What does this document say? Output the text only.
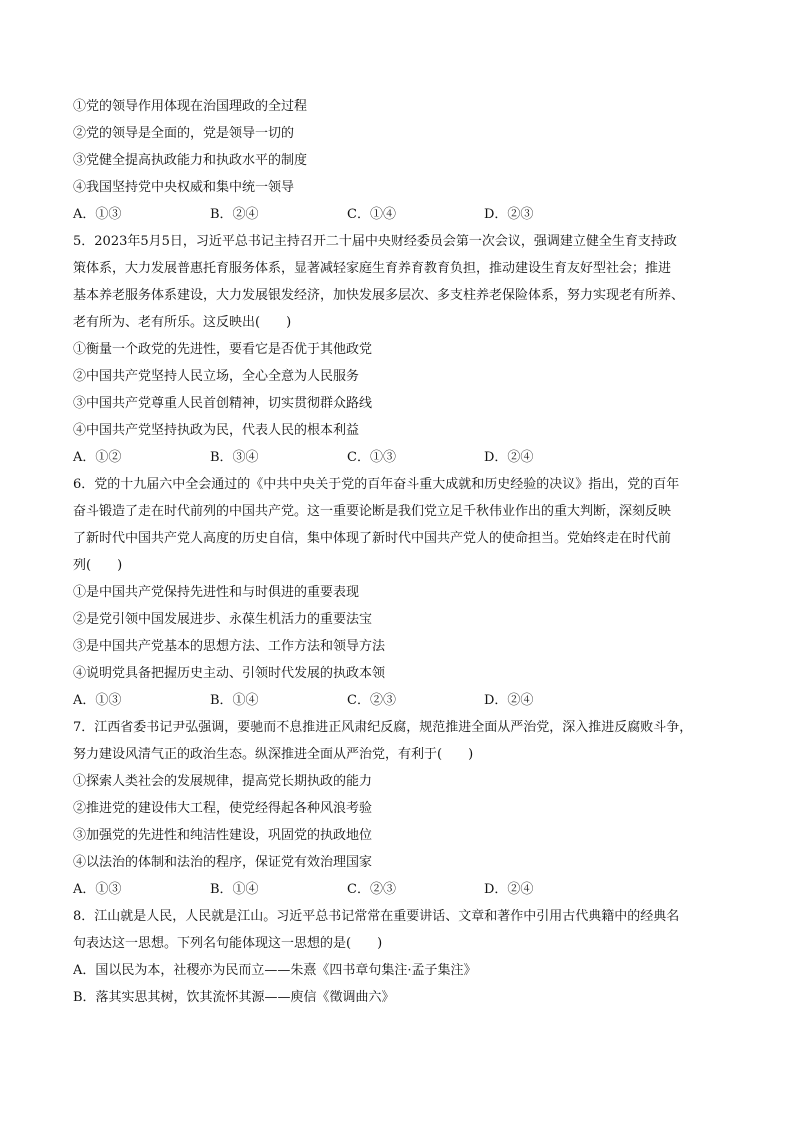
①党的领导作用体现在治国理政的全过程
②党的领导是全面的，党是领导一切的
③党健全提高执政能力和执政水平的制度
④我国坚持党中央权威和集中统一领导
A．①③	B．②④	C．①④	D．②③
5．2023年5月5日，习近平总书记主持召开二十届中央财经委员会第一次会议，强调建立健全生育支持政
策体系，大力发展普惠托育服务体系，显著减轻家庭生育养育教育负担，推动建设生育友好型社会；推进
基本养老服务体系建设，大力发展银发经济，加快发展多层次、多支柱养老保险体系，努力实现老有所养、
老有所为、老有所乐。这反映出(　　)
①衡量一个政党的先进性，要看它是否优于其他政党
②中国共产党坚持人民立场，全心全意为人民服务
③中国共产党尊重人民首创精神，切实贯彻群众路线
④中国共产党坚持执政为民，代表人民的根本利益
A．①②	B．③④	C．①③	D．②④
6．党的十九届六中全会通过的《中共中央关于党的百年奋斗重大成就和历史经验的决议》指出，党的百年
奋斗锻造了走在时代前列的中国共产党。这一重要论断是我们党立足千秋伟业作出的重大判断，深刻反映
了新时代中国共产党人高度的历史自信，集中体现了新时代中国共产党人的使命担当。党始终走在时代前
列(　　)
①是中国共产党保持先进性和与时俱进的重要表现
②是党引领中国发展进步、永葆生机活力的重要法宝
③是中国共产党基本的思想方法、工作方法和领导方法
④说明党具备把握历史主动、引领时代发展的执政本领
A．①③	B．①④	C．②③	D．②④
7．江西省委书记尹弘强调，要驰而不息推进正风肃纪反腐，规范推进全面从严治党，深入推进反腐败斗争，
努力建设风清气正的政治生态。纵深推进全面从严治党，有利于(　　)
①探索人类社会的发展规律，提高党长期执政的能力
②推进党的建设伟大工程，使党经得起各种风浪考验
③加强党的先进性和纯洁性建设，巩固党的执政地位
④以法治的体制和法治的程序，保证党有效治理国家
A．①③	B．①④	C．②③	D．②④
8．江山就是人民，人民就是江山。习近平总书记常常在重要讲话、文章和著作中引用古代典籍中的经典名
句表达这一思想。下列名句能体现这一思想的是(　　)
A．国以民为本，社稷亦为民而立——朱熹《四书章句集注·孟子集注》
B．落其实思其树，饮其流怀其源——庾信《徵调曲六》
